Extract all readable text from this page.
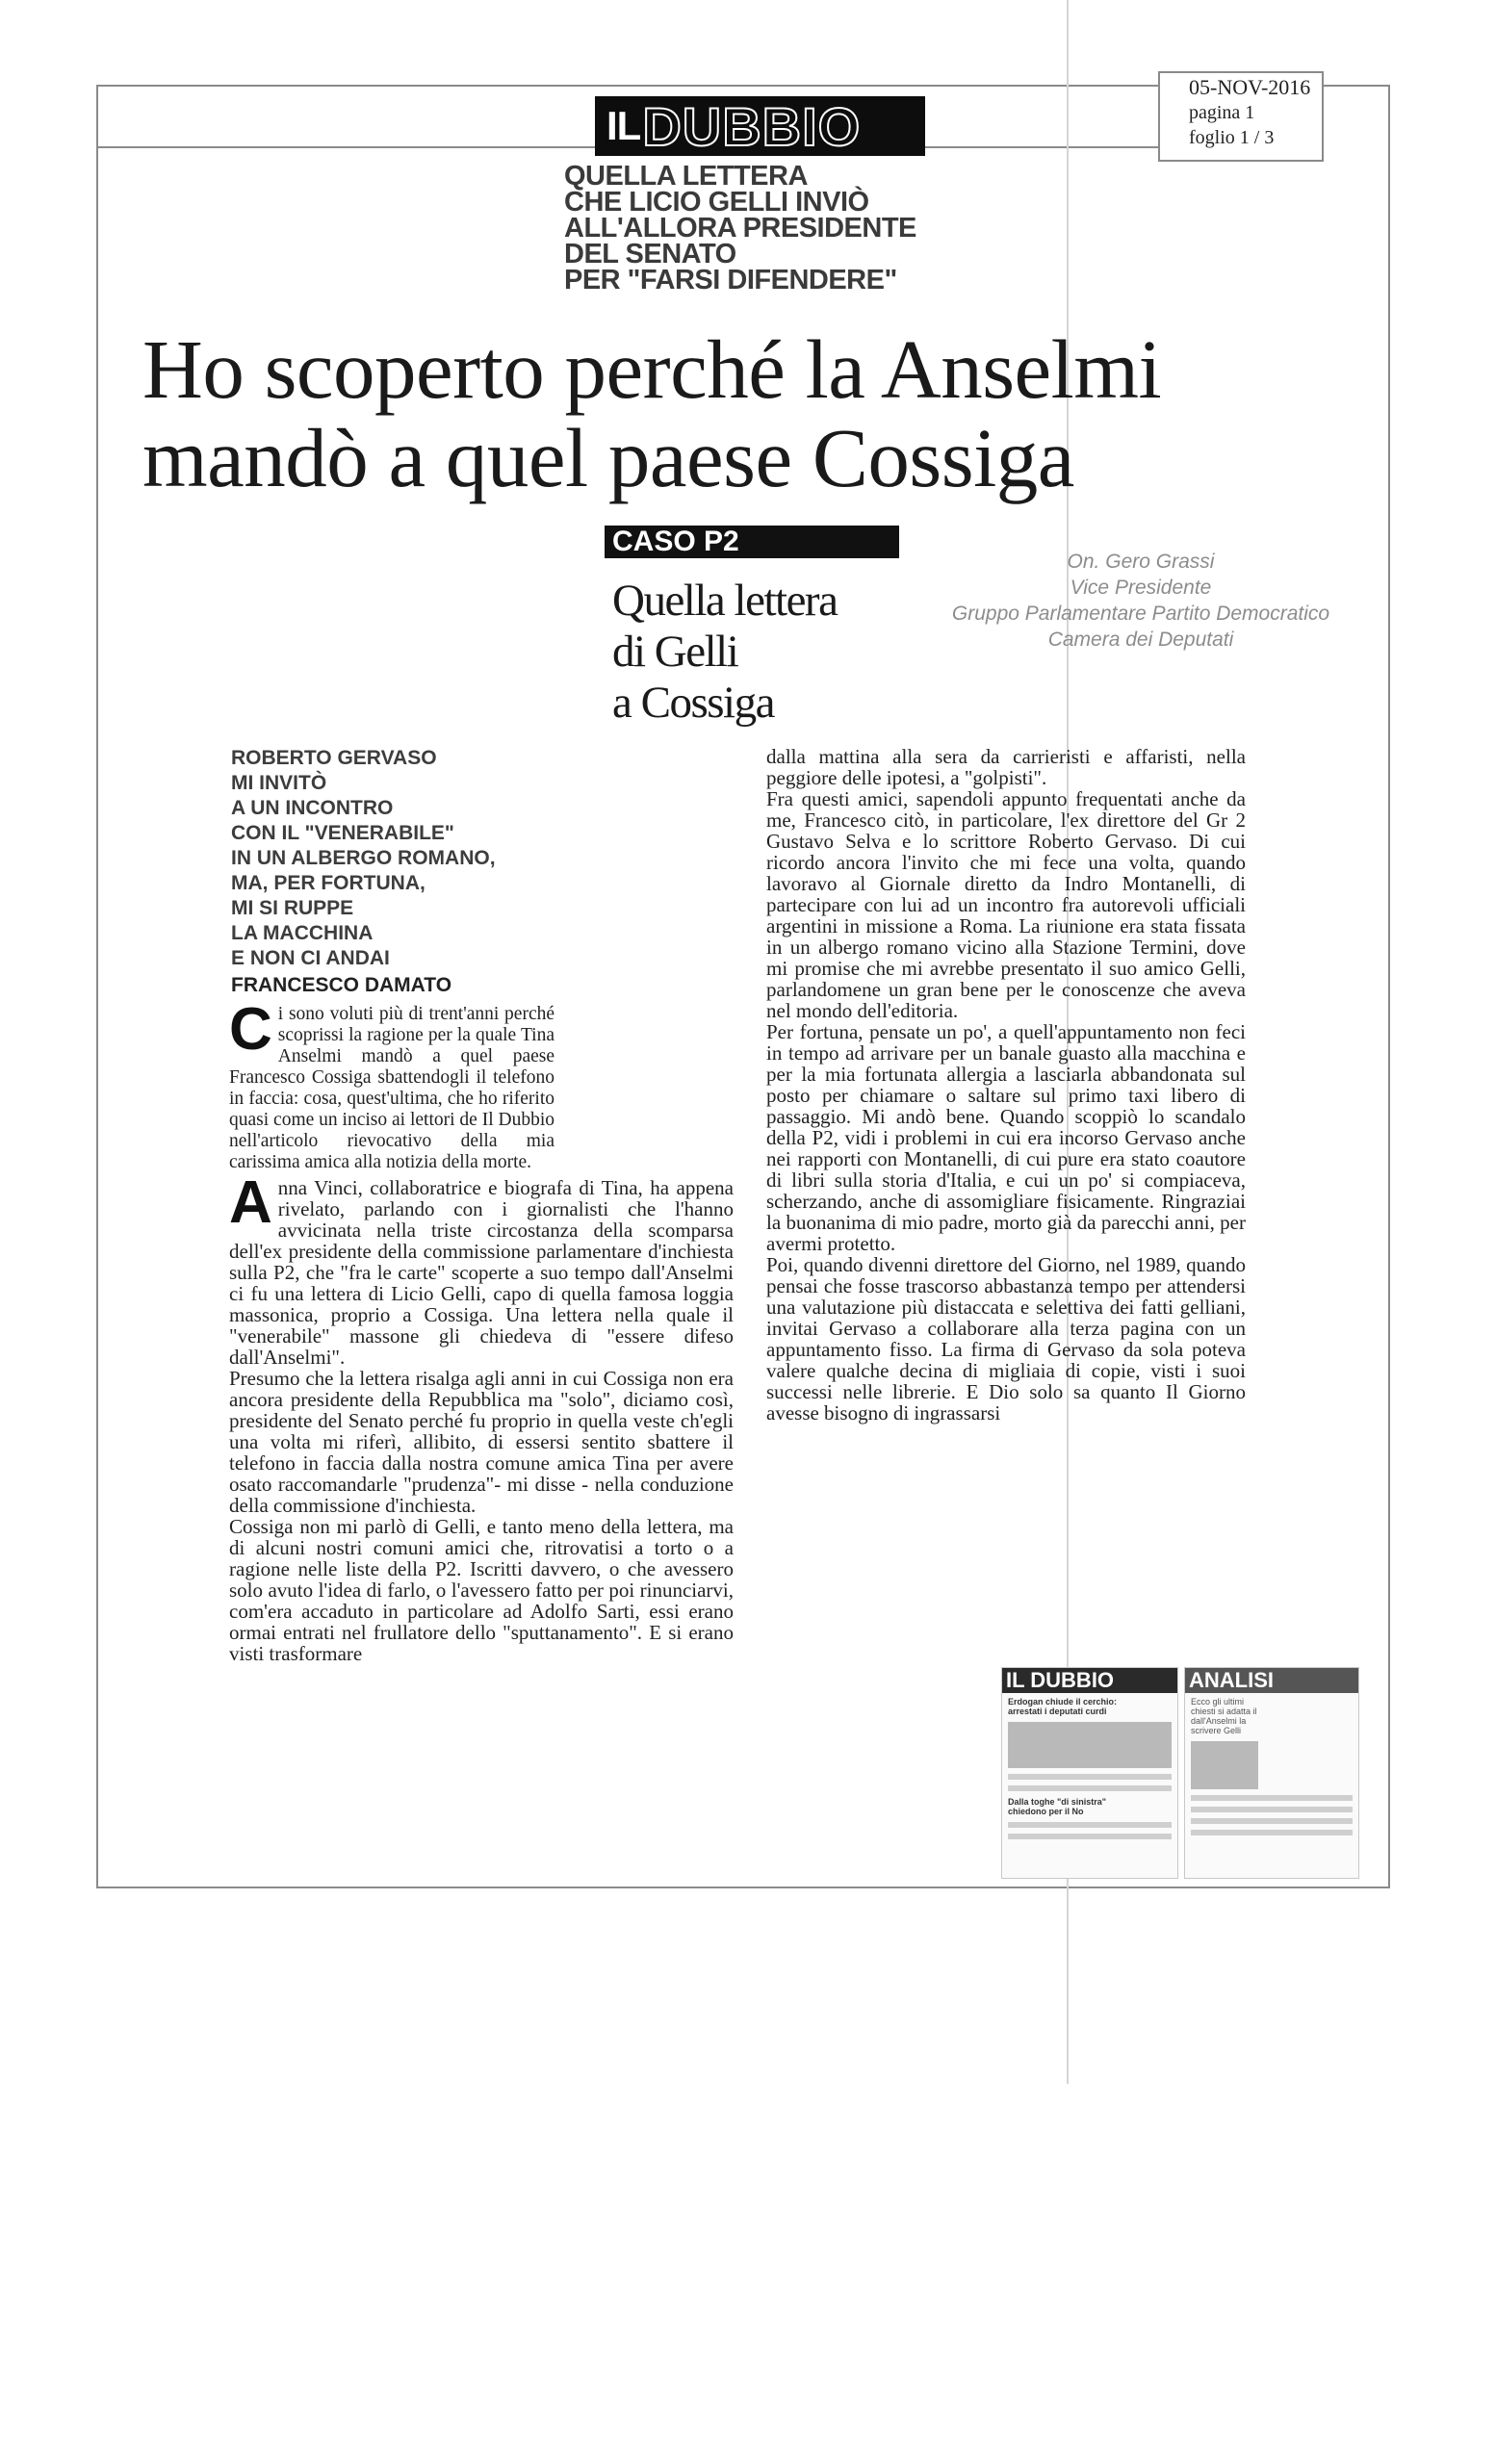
05-NOV-2016
pagina 1
foglio 1 / 3
IL DUBBIO
QUELLA LETTERA
CHE LICIO GELLI INVIÒ
ALL'ALLORA PRESIDENTE
DEL SENATO
PER "FARSI DIFENDERE"
Ho scoperto perché la Anselmi
mandò a quel paese Cossiga
CASO P2
Quella lettera
di Gelli
a Cossiga
On. Gero Grassi
Vice Presidente
Gruppo Parlamentare Partito Democratico
Camera dei Deputati
ROBERTO GERVASO
MI INVITÒ
A UN INCONTRO
CON IL "VENERABILE"
IN UN ALBERGO ROMANO,
MA, PER FORTUNA,
MI SI RUPPE
LA MACCHINA
E NON CI ANDAI
FRANCESCO DAMATO

Ci sono voluti più di trent'anni perché scoprissi la ragione per la quale Tina Anselmi mandò a quel paese Francesco Cossiga sbattendogli il telefono in faccia: cosa, quest'ultima, che ho riferito quasi come un inciso ai lettori de Il Dubbio nell'articolo rievocativo della mia carissima amica alla notizia della morte.

Anna Vinci, collaboratrice e biografa di Tina, ha appena rivelato, parlando con i giornalisti che l'hanno avvicinata nella triste circostanza della scomparsa dell'ex presidente della commissione parlamentare d'inchiesta sulla P2, che "fra le carte" scoperte a suo tempo dall'Anselmi ci fu una lettera di Licio Gelli, capo di quella famosa loggia massonica, proprio a Cossiga. Una lettera nella quale il "venerabile" massone gli chiedeva di "essere difeso dall'Anselmi".

Presumo che la lettera risalga agli anni in cui Cossiga non era ancora presidente della Repubblica ma "solo", diciamo così, presidente del Senato perché fu proprio in quella veste ch'egli una volta mi riferì, allibito, di essersi sentito sbattere il telefono in faccia dalla nostra comune amica Tina per avere osato raccomandarle "prudenza"- mi disse - nella conduzione della commissione d'inchiesta.

Cossiga non mi parlò di Gelli, e tanto meno della lettera, ma di alcuni nostri comuni amici che, ritrovatisi a torto o a ragione nelle liste della P2. Iscritti davvero, o che avessero solo avuto l'idea di farlo, o l'avessero fatto per poi rinunciarvi, com'era accaduto in particolare ad Adolfo Sarti, essi erano ormai entrati nel frullatore dello "sputtanamento". E si erano visti trasformare

dalla mattina alla sera da carrieristi e affaristi, nella peggiore delle ipotesi, a "golpisti".

Fra questi amici, sapendoli appunto frequentati anche da me, Francesco citò, in particolare, l'ex direttore del Gr 2 Gustavo Selva e lo scrittore Roberto Gervaso. Di cui ricordo ancora l'invito che mi fece una volta, quando lavoravo al Giornale diretto da Indro Montanelli, di partecipare con lui ad un incontro fra autorevoli ufficiali argentini in missione a Roma. La riunione era stata fissata in un albergo romano vicino alla Stazione Termini, dove mi promise che mi avrebbe presentato il suo amico Gelli, parlandomene un gran bene per le conoscenze che aveva nel mondo dell'editoria.

Per fortuna, pensate un po', a quell'appuntamento non feci in tempo ad arrivare per un banale guasto alla macchina e per la mia fortunata allergia a lasciarla abbandonata sul posto per chiamare o saltare sul primo taxi libero di passaggio. Mi andò bene. Quando scoppiò lo scandalo della P2, vidi i problemi in cui era incorso Gervaso anche nei rapporti con Montanelli, di cui pure era stato coautore di libri sulla storia d'Italia, e cui un po' si compiaceva, scherzando, anche di assomigliare fisicamente. Ringraziai la buonanima di mio padre, morto già da parecchi anni, per avermi protetto.

Poi, quando divenni direttore del Giorno, nel 1989, quando pensai che fosse trascorso abbastanza tempo per attendersi una valutazione più distaccata e selettiva dei fatti gelliani, invitai Gervaso a collaborare alla terza pagina con un appuntamento fisso. La firma di Gervaso da sola poteva valere qualche decina di migliaia di copie, visti i suoi successi nelle librerie. E Dio solo sa quanto Il Giorno avesse bisogno di ingrassarsi

IL DUBBIO
Erdogan chiude il cerchio:
arrestati i deputati curdi
Dalla toghe "di sinistra"
chiedono per il No
ANALISI
Ecco gli ultimi
chiesti si adatta il
dall'Anselmi la
scrivere Gelli
